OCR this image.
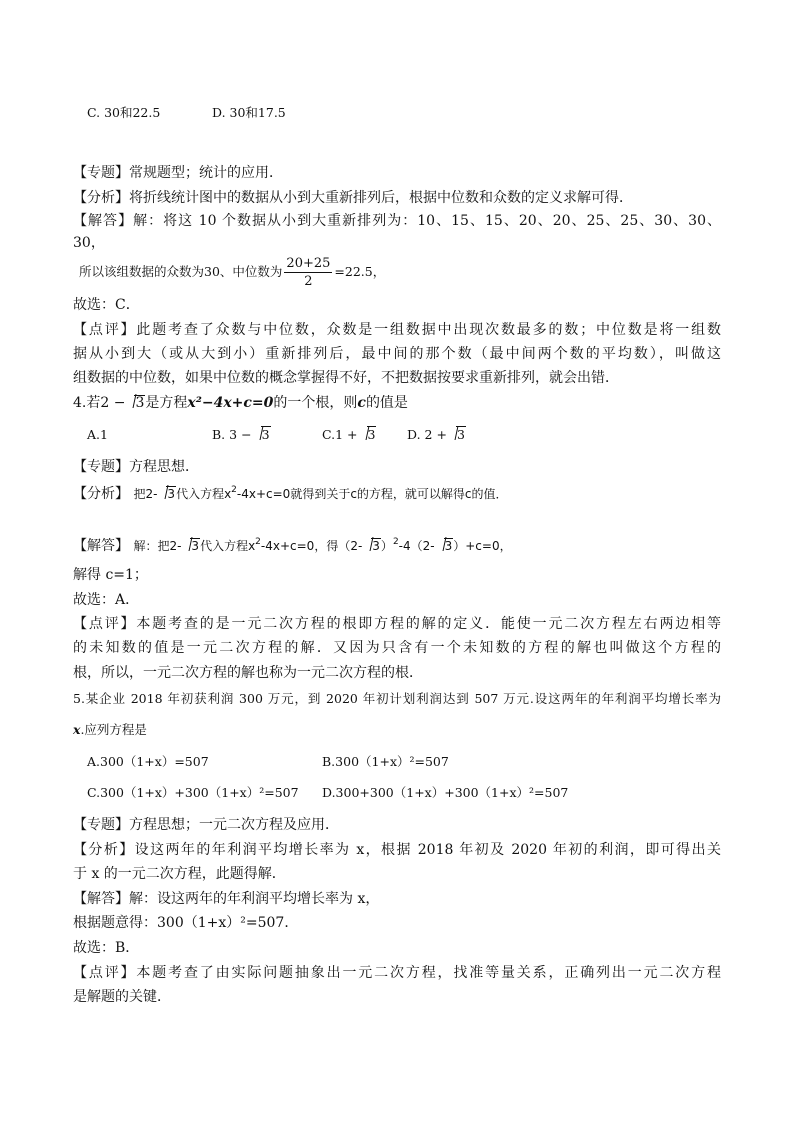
C. 30和22.5	D. 30和17.5
【专题】常规题型；统计的应用．
【分析】将折线统计图中的数据从小到大重新排列后，根据中位数和众数的定义求解可得．
【解答】解：将这 10 个数据从小到大重新排列为：10、15、15、20、20、25、25、30、30、
30，
所以该组数据的众数为30、中位数为 $\frac{20+25}{2} =22.5$，
故选：C．
【点评】此题考查了众数与中位数，众数是一组数据中出现次数最多的数；中位数是将一组数
据从小到大（或从大到小）重新排列后，最中间的那个数（最中间两个数的平均数），叫做这
组数据的中位数，如果中位数的概念掌握得不好，不把数据按要求重新排列，就会出错．
4.若2 − 3是方程x²−4x+c=0的一个根，则c的值是
A.1	B. 3 − 3	C.1 + 3	D. 2 + 3
【专题】方程思想．
【分析】 把2- 3代入方程$x^2-4x+c=0$就得到关于c的方程，就可以解得c的值．
【解答】 解：把2- 3代入方程$x^2-4x+c=0$，得（2- 3）$^2$-4（2- 3）+c=0，
解得 c=1；
故选：A．
【点评】本题考查的是一元二次方程的根即方程的解的定义．能使一元二次方程左右两边相等
的未知数的值是一元二次方程的解．又因为只含有一个未知数的方程的解也叫做这个方程的
根，所以，一元二次方程的解也称为一元二次方程的根．
5.某企业 2018 年初获利润 300 万元，到 2020 年初计划利润达到 507 万元.设这两年的年利润平均增长率为
x.应列方程是
A.300（1+x）=507	B.300（1+x）²=507
C.300（1+x）+300（1+x）²=507 D.300+300（1+x）+300（1+x）²=507
【专题】方程思想；一元二次方程及应用．
【分析】设这两年的年利润平均增长率为 x，根据 2018 年初及 2020 年初的利润，即可得出关
于 x 的一元二次方程，此题得解．
【解答】解：设这两年的年利润平均增长率为 x，
根据题意得：300（1+x）²=507．
故选：B．
【点评】本题考查了由实际问题抽象出一元二次方程，找准等量关系，正确列出一元二次方程
是解题的关键．
